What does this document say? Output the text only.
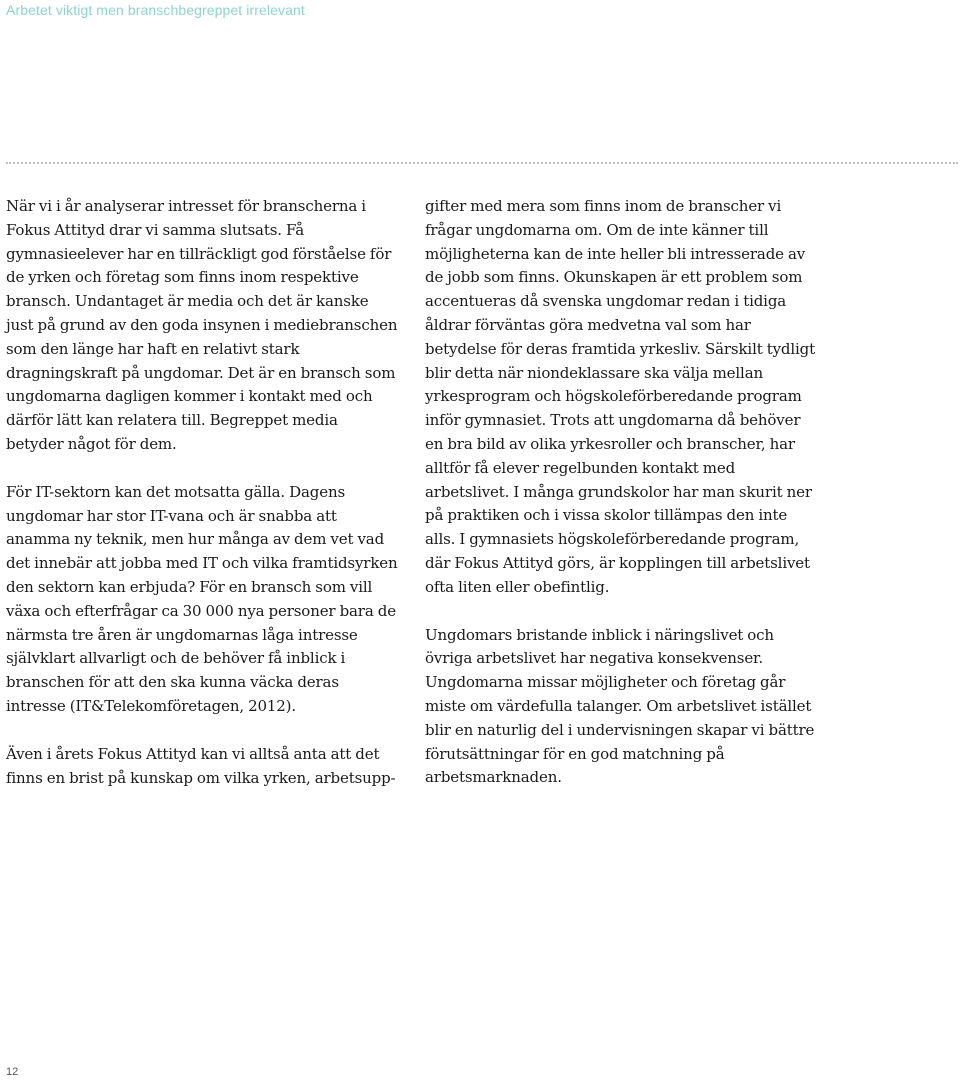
Arbetet viktigt men branschbegreppet irrelevant

När vi i år analyserar intresset för branscherna i Fokus Attityd drar vi samma slutsats. Få gymnasieelever har en tillräckligt god förståelse för de yrken och företag som finns inom respektive bransch. Undantaget är media och det är kanske just på grund av den goda insynen i mediebranschen som den länge har haft en relativt stark dragningskraft på ungdomar. Det är en bransch som ungdomarna dagligen kommer i kontakt med och därför lätt kan relatera till. Begreppet media betyder något för dem.

För IT-sektorn kan det motsatta gälla. Dagens ungdomar har stor IT-vana och är snabba att anamma ny teknik, men hur många av dem vet vad det innebär att jobba med IT och vilka framtidsyrken den sektorn kan erbjuda? För en bransch som vill växa och efterfrågar ca 30 000 nya personer bara de närmsta tre åren är ungdomarnas låga intresse självklart allvarligt och de behöver få inblick i branschen för att den ska kunna väcka deras intresse (IT&Telekomföretagen, 2012).

Även i årets Fokus Attityd kan vi alltså anta att det finns en brist på kunskap om vilka yrken, arbetsupp-

gifter med mera som finns inom de branscher vi frågar ungdomarna om. Om de inte känner till möjligheterna kan de inte heller bli intresserade av de jobb som finns. Okunskapen är ett problem som accentueras då svenska ungdomar redan i tidiga åldrar förväntas göra medvetna val som har betydelse för deras framtida yrkesliv. Särskilt tydligt blir detta när niondeklassare ska välja mellan yrkesprogram och högskoleförberedande program inför gymnasiet. Trots att ungdomarna då behöver en bra bild av olika yrkesroller och branscher, har alltför få elever regelbunden kontakt med arbetslivet. I många grundskolor har man skurit ner på praktiken och i vissa skolor tillämpas den inte alls. I gymnasiets högskoleförberedande program, där Fokus Attityd görs, är kopplingen till arbetslivet ofta liten eller obefintlig.

Ungdomars bristande inblick i näringslivet och övriga arbetslivet har negativa konsekvenser. Ungdomarna missar möjligheter och företag går miste om värdefulla talanger. Om arbetslivet istället blir en naturlig del i undervisningen skapar vi bättre förutsättningar för en god matchning på arbetsmarknaden.

12
